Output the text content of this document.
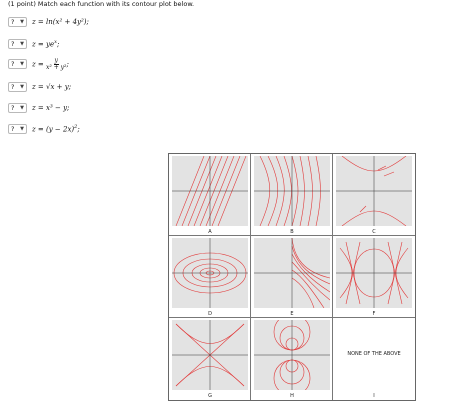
(1 point) Match each function with its contour plot below.
? ▼ z = ln(x² + 4y²);
? ▼ $z = ye^x$;
? ▼ $z = \frac{y}{\text{x² + y²}}$ ;
? ▼ z = √x + y;
? ▼ z = x³ − y;
? ▼ $z = (y - 2x)^2$;
A	B	C
D	E	F
G	H
NONE OF THE ABOVE
I
